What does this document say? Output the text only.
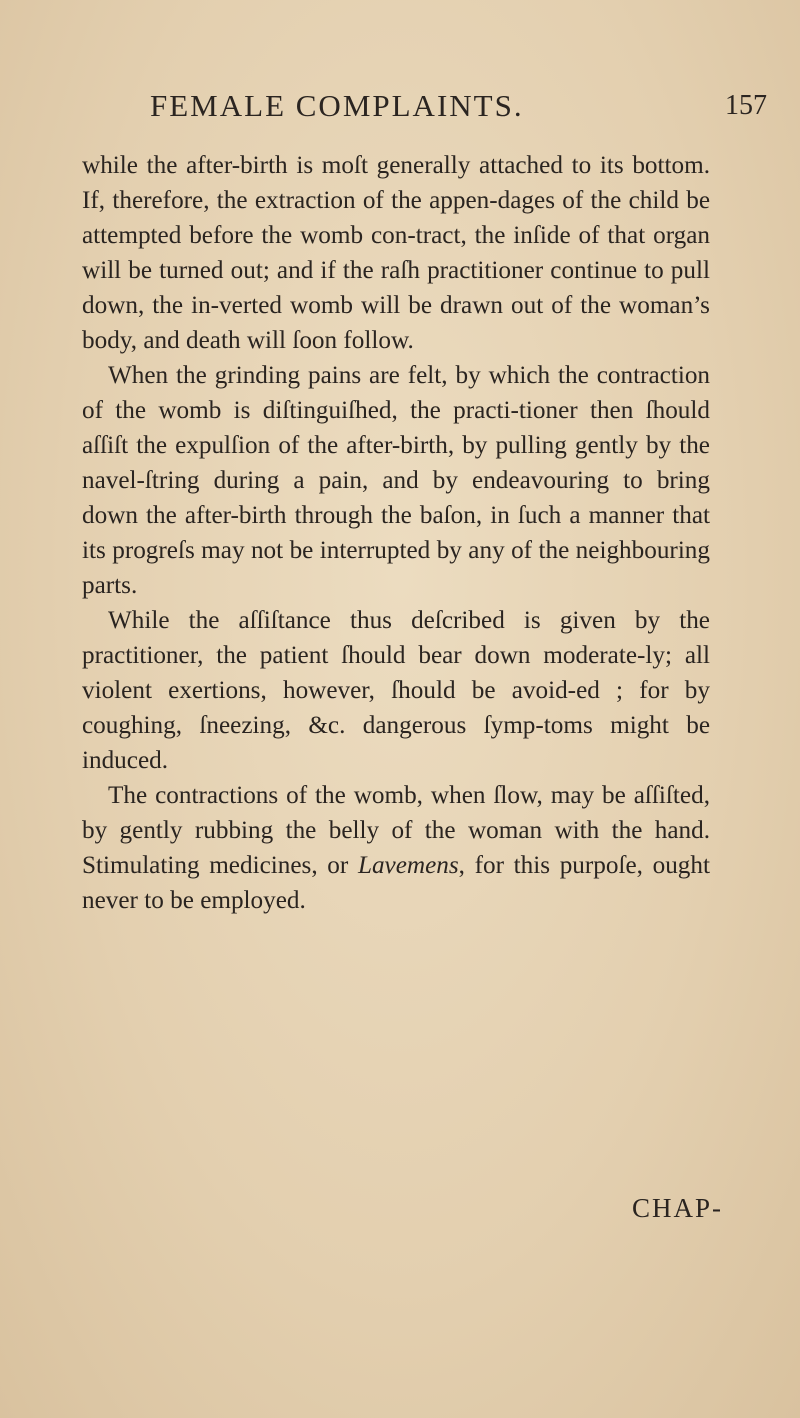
FEMALE COMPLAINTS.	157

while the after-birth is moſt generally attached to its bottom. If, therefore, the extraction of the appen-dages of the child be attempted before the womb con-tract, the inſide of that organ will be turned out; and if the raſh practitioner continue to pull down, the in-verted womb will be drawn out of the woman’s body, and death will ſoon follow.

When the grinding pains are felt, by which the contraction of the womb is diſtinguiſhed, the practi-tioner then ſhould aſſiſt the expulſion of the after-birth, by pulling gently by the navel-ſtring during a pain, and by endeavouring to bring down the after-birth through the baſon, in ſuch a manner that its progreſs may not be interrupted by any of the neighbouring parts.

While the aſſiſtance thus deſcribed is given by the practitioner, the patient ſhould bear down moderate-ly; all violent exertions, however, ſhould be avoid-ed ; for by coughing, ſneezing, &c. dangerous ſymp-toms might be induced.

The contractions of the womb, when ſlow, may be aſſiſted, by gently rubbing the belly of the woman with the hand. Stimulating medicines, or Lavemens, for this purpoſe, ought never to be employed.

CHAP-
